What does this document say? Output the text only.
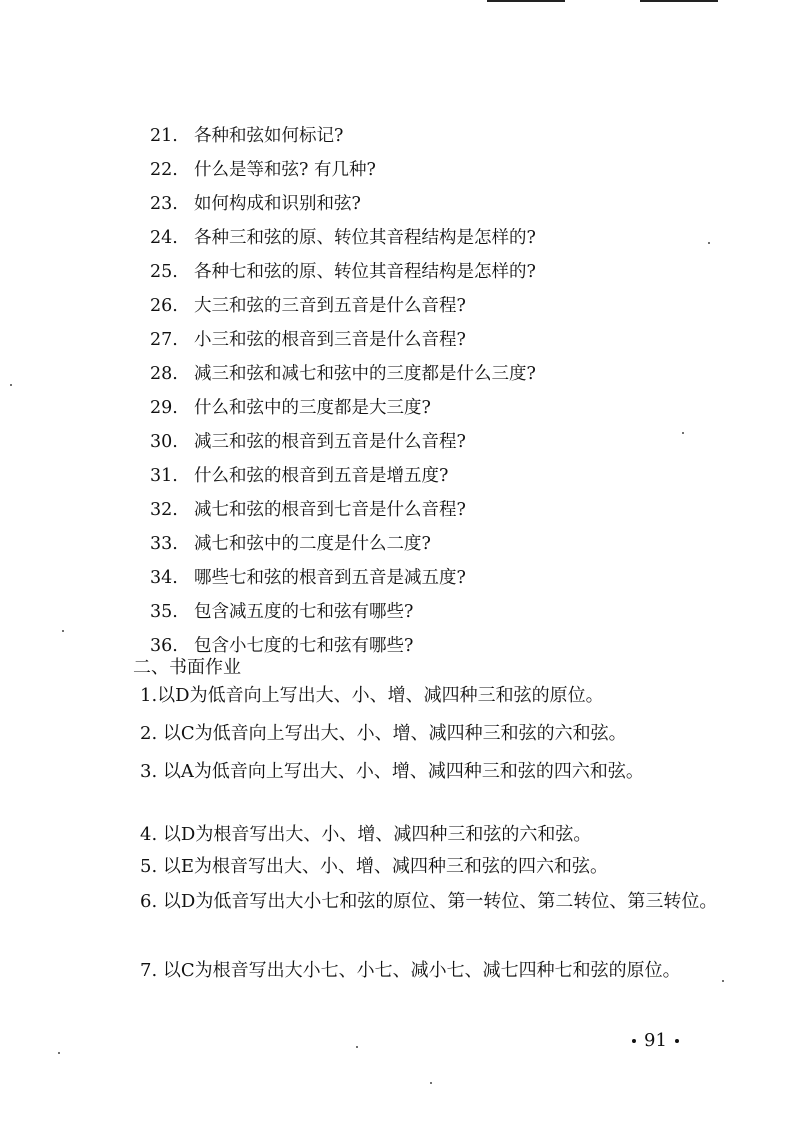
21. 各种和弦如何标记?
22. 什么是等和弦? 有几种?
23. 如何构成和识别和弦?
24. 各种三和弦的原、转位其音程结构是怎样的?
25. 各种七和弦的原、转位其音程结构是怎样的?
26. 大三和弦的三音到五音是什么音程?
27. 小三和弦的根音到三音是什么音程?
28. 减三和弦和减七和弦中的三度都是什么三度?
29. 什么和弦中的三度都是大三度?
30. 减三和弦的根音到五音是什么音程?
31. 什么和弦的根音到五音是增五度?
32. 减七和弦的根音到七音是什么音程?
33. 减七和弦中的二度是什么二度?
34. 哪些七和弦的根音到五音是减五度?
35. 包含减五度的七和弦有哪些?
36. 包含小七度的七和弦有哪些?
二、书面作业
1.以D为低音向上写出大、小、增、减四种三和弦的原位。
2. 以C为低音向上写出大、小、增、减四种三和弦的六和弦。
3. 以A为低音向上写出大、小、增、减四种三和弦的四六和弦。
4. 以D为根音写出大、小、增、减四种三和弦的六和弦。
5. 以E为根音写出大、小、增、减四种三和弦的四六和弦。
6. 以D为低音写出大小七和弦的原位、第一转位、第二转位、第三转位。
7. 以C为根音写出大小七、小七、减小七、减七四种七和弦的原位。
91
